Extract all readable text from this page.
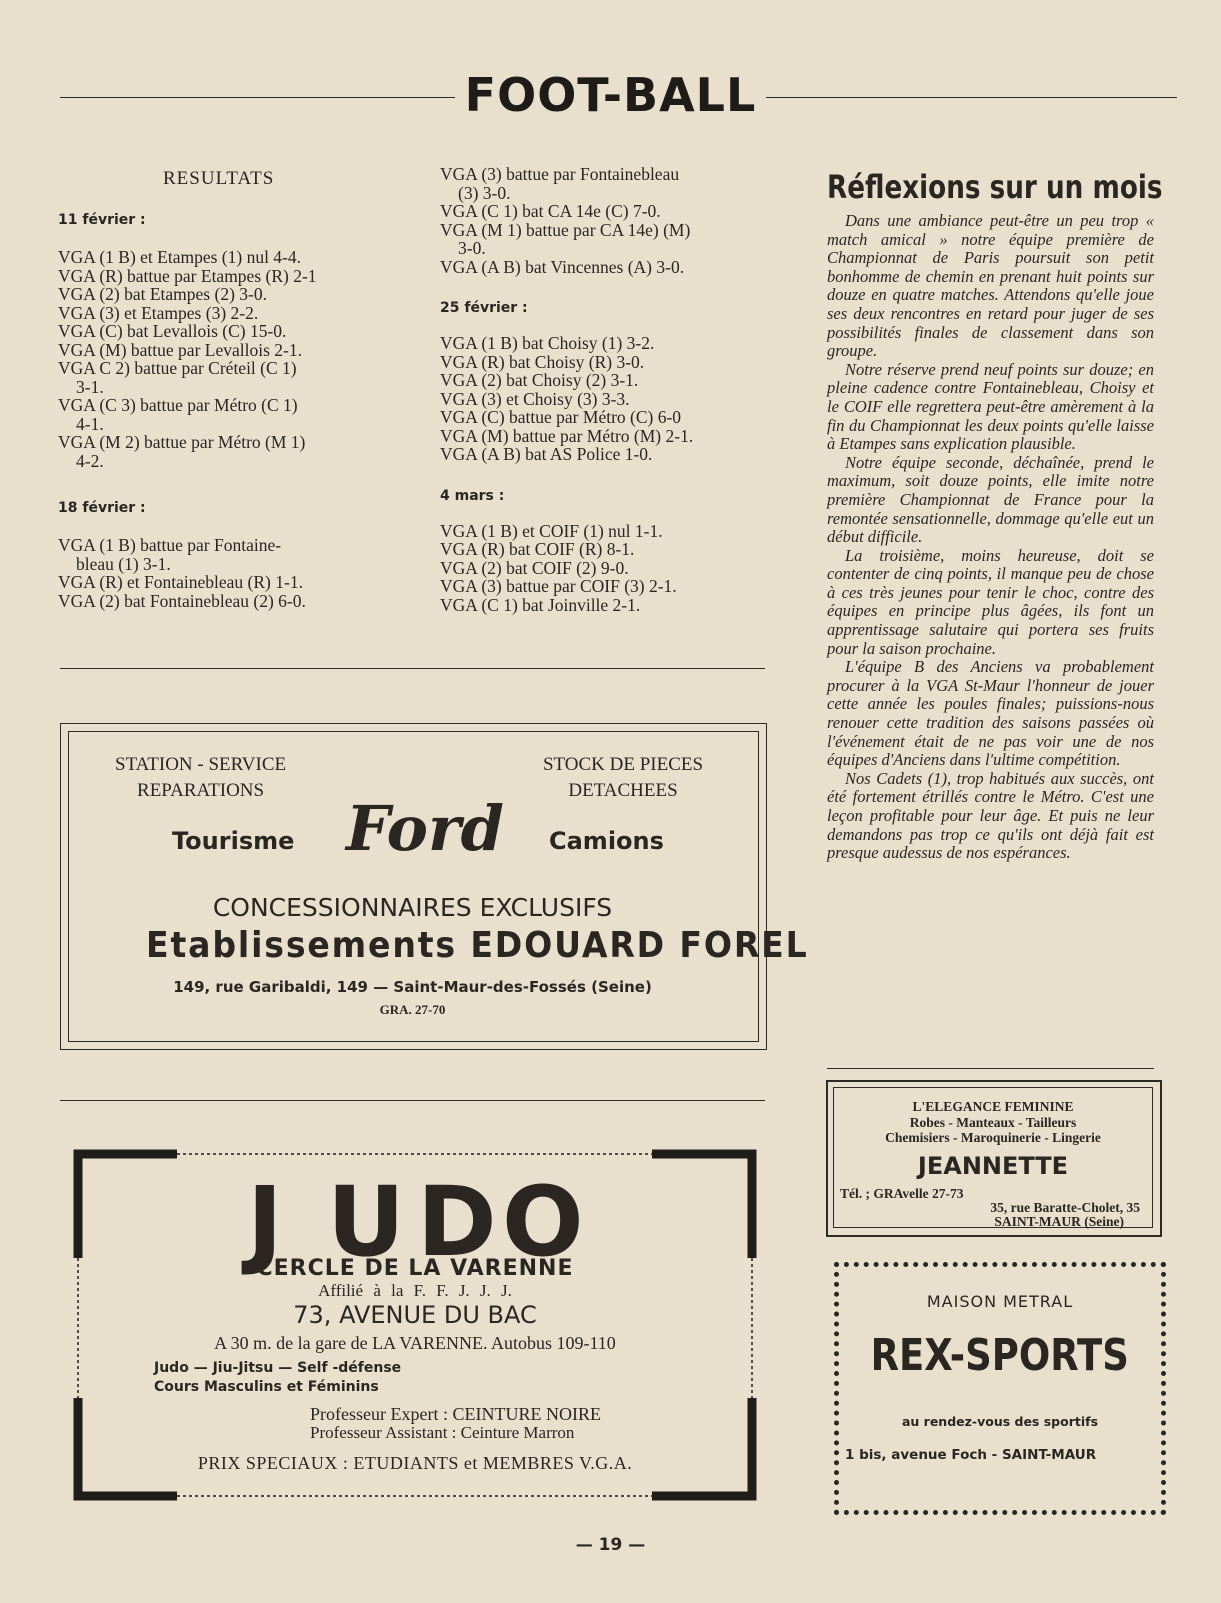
FOOT-BALL
RESULTATS
11 février :
VGA (1 B) et Etampes (1) nul 4-4.
VGA (R) battue par Etampes (R) 2-1
VGA (2) bat Etampes (2) 3-0.
VGA (3) et Etampes (3) 2-2.
VGA (C) bat Levallois (C) 15-0.
VGA (M) battue par Levallois 2-1.
VGA C 2) battue par Créteil (C 1)
3-1.
VGA (C 3) battue par Métro (C 1)
4-1.
VGA (M 2) battue par Métro (M 1)
4-2.
18 février :
VGA (1 B) battue par Fontaine-
bleau (1) 3-1.
VGA (R) et Fontainebleau (R) 1-1.
VGA (2) bat Fontainebleau (2) 6-0.
VGA (3) battue par Fontainebleau
(3) 3-0.
VGA (C 1) bat CA 14e (C) 7-0.
VGA (M 1) battue par CA 14e) (M)
3-0.
VGA (A B) bat Vincennes (A) 3-0.
25 février :
VGA (1 B) bat Choisy (1) 3-2.
VGA (R) bat Choisy (R) 3-0.
VGA (2) bat Choisy (2) 3-1.
VGA (3) et Choisy (3) 3-3.
VGA (C) battue par Métro (C) 6-0
VGA (M) battue par Métro (M) 2-1.
VGA (A B) bat AS Police 1-0.
4 mars :
VGA (1 B) et COIF (1) nul 1-1.
VGA (R) bat COIF (R) 8-1.
VGA (2) bat COIF (2) 9-0.
VGA (3) battue par COIF (3) 2-1.
VGA (C 1) bat Joinville 2-1.
Réflexions sur un mois

Dans une ambiance peut-être un peu trop « match amical » notre équipe première de Championnat de Paris poursuit son petit bonhomme de chemin en prenant huit points sur douze en quatre matches. Attendons qu'elle joue ses deux rencontres en retard pour juger de ses possibilités finales de classement dans son groupe.

Notre réserve prend neuf points sur douze; en pleine cadence contre Fontainebleau, Choisy et le COIF elle regrettera peut-être amèrement à la fin du Championnat les deux points qu'elle laisse à Etampes sans explication plausible.

Notre équipe seconde, déchaînée, prend le maximum, soit douze points, elle imite notre première Championnat de France pour la remontée sensationnelle, dommage qu'elle eut un début difficile.

La troisième, moins heureuse, doit se contenter de cinq points, il manque peu de chose à ces très jeunes pour tenir le choc, contre des équipes en principe plus âgées, ils font un apprentissage salutaire qui portera ses fruits pour la saison prochaine.

L'équipe B des Anciens va probablement procurer à la VGA St-Maur l'honneur de jouer cette année les poules finales; puissions-nous renouer cette tradition des saisons passées où l'événement était de ne pas voir une de nos équipes d'Anciens dans l'ultime compétition.

Nos Cadets (1), trop habitués aux succès, ont été fortement étrillés contre le Métro. C'est une leçon profitable pour leur âge. Et puis ne leur demandons pas trop ce qu'ils ont déjà fait est presque audessus de nos espérances.

STATION - SERVICE
REPARATIONS
STOCK DE PIECES
DETACHEES
Tourisme Ford Camions
CONCESSIONNAIRES EXCLUSIFS
Etablissements EDOUARD FOREL
149, rue Garibaldi, 149 — Saint-Maur-des-Fossés (Seine)
GRA. 27-70
J U D O
CERCLE DE LA VARENNE
Affilié à la F. F. J. J. J.
73, AVENUE DU BAC
A 30 m. de la gare de LA VARENNE. Autobus 109-110
Judo — Jiu-Jitsu — Self -défense
Cours Masculins et Féminins
Professeur Expert : CEINTURE NOIRE
Professeur Assistant : Ceinture Marron
PRIX SPECIAUX : ETUDIANTS et MEMBRES V.G.A.
L'ELEGANCE FEMININE
Robes - Manteaux - Tailleurs
Chemisiers - Maroquinerie - Lingerie
JEANNETTE
Tél. ; GRAvelle 27-73
35, rue Baratte-Cholet, 35
SAINT-MAUR (Seine)
MAISON METRAL
REX-SPORTS
au rendez-vous des sportifs
1 bis, avenue Foch - SAINT-MAUR
— 19 —
